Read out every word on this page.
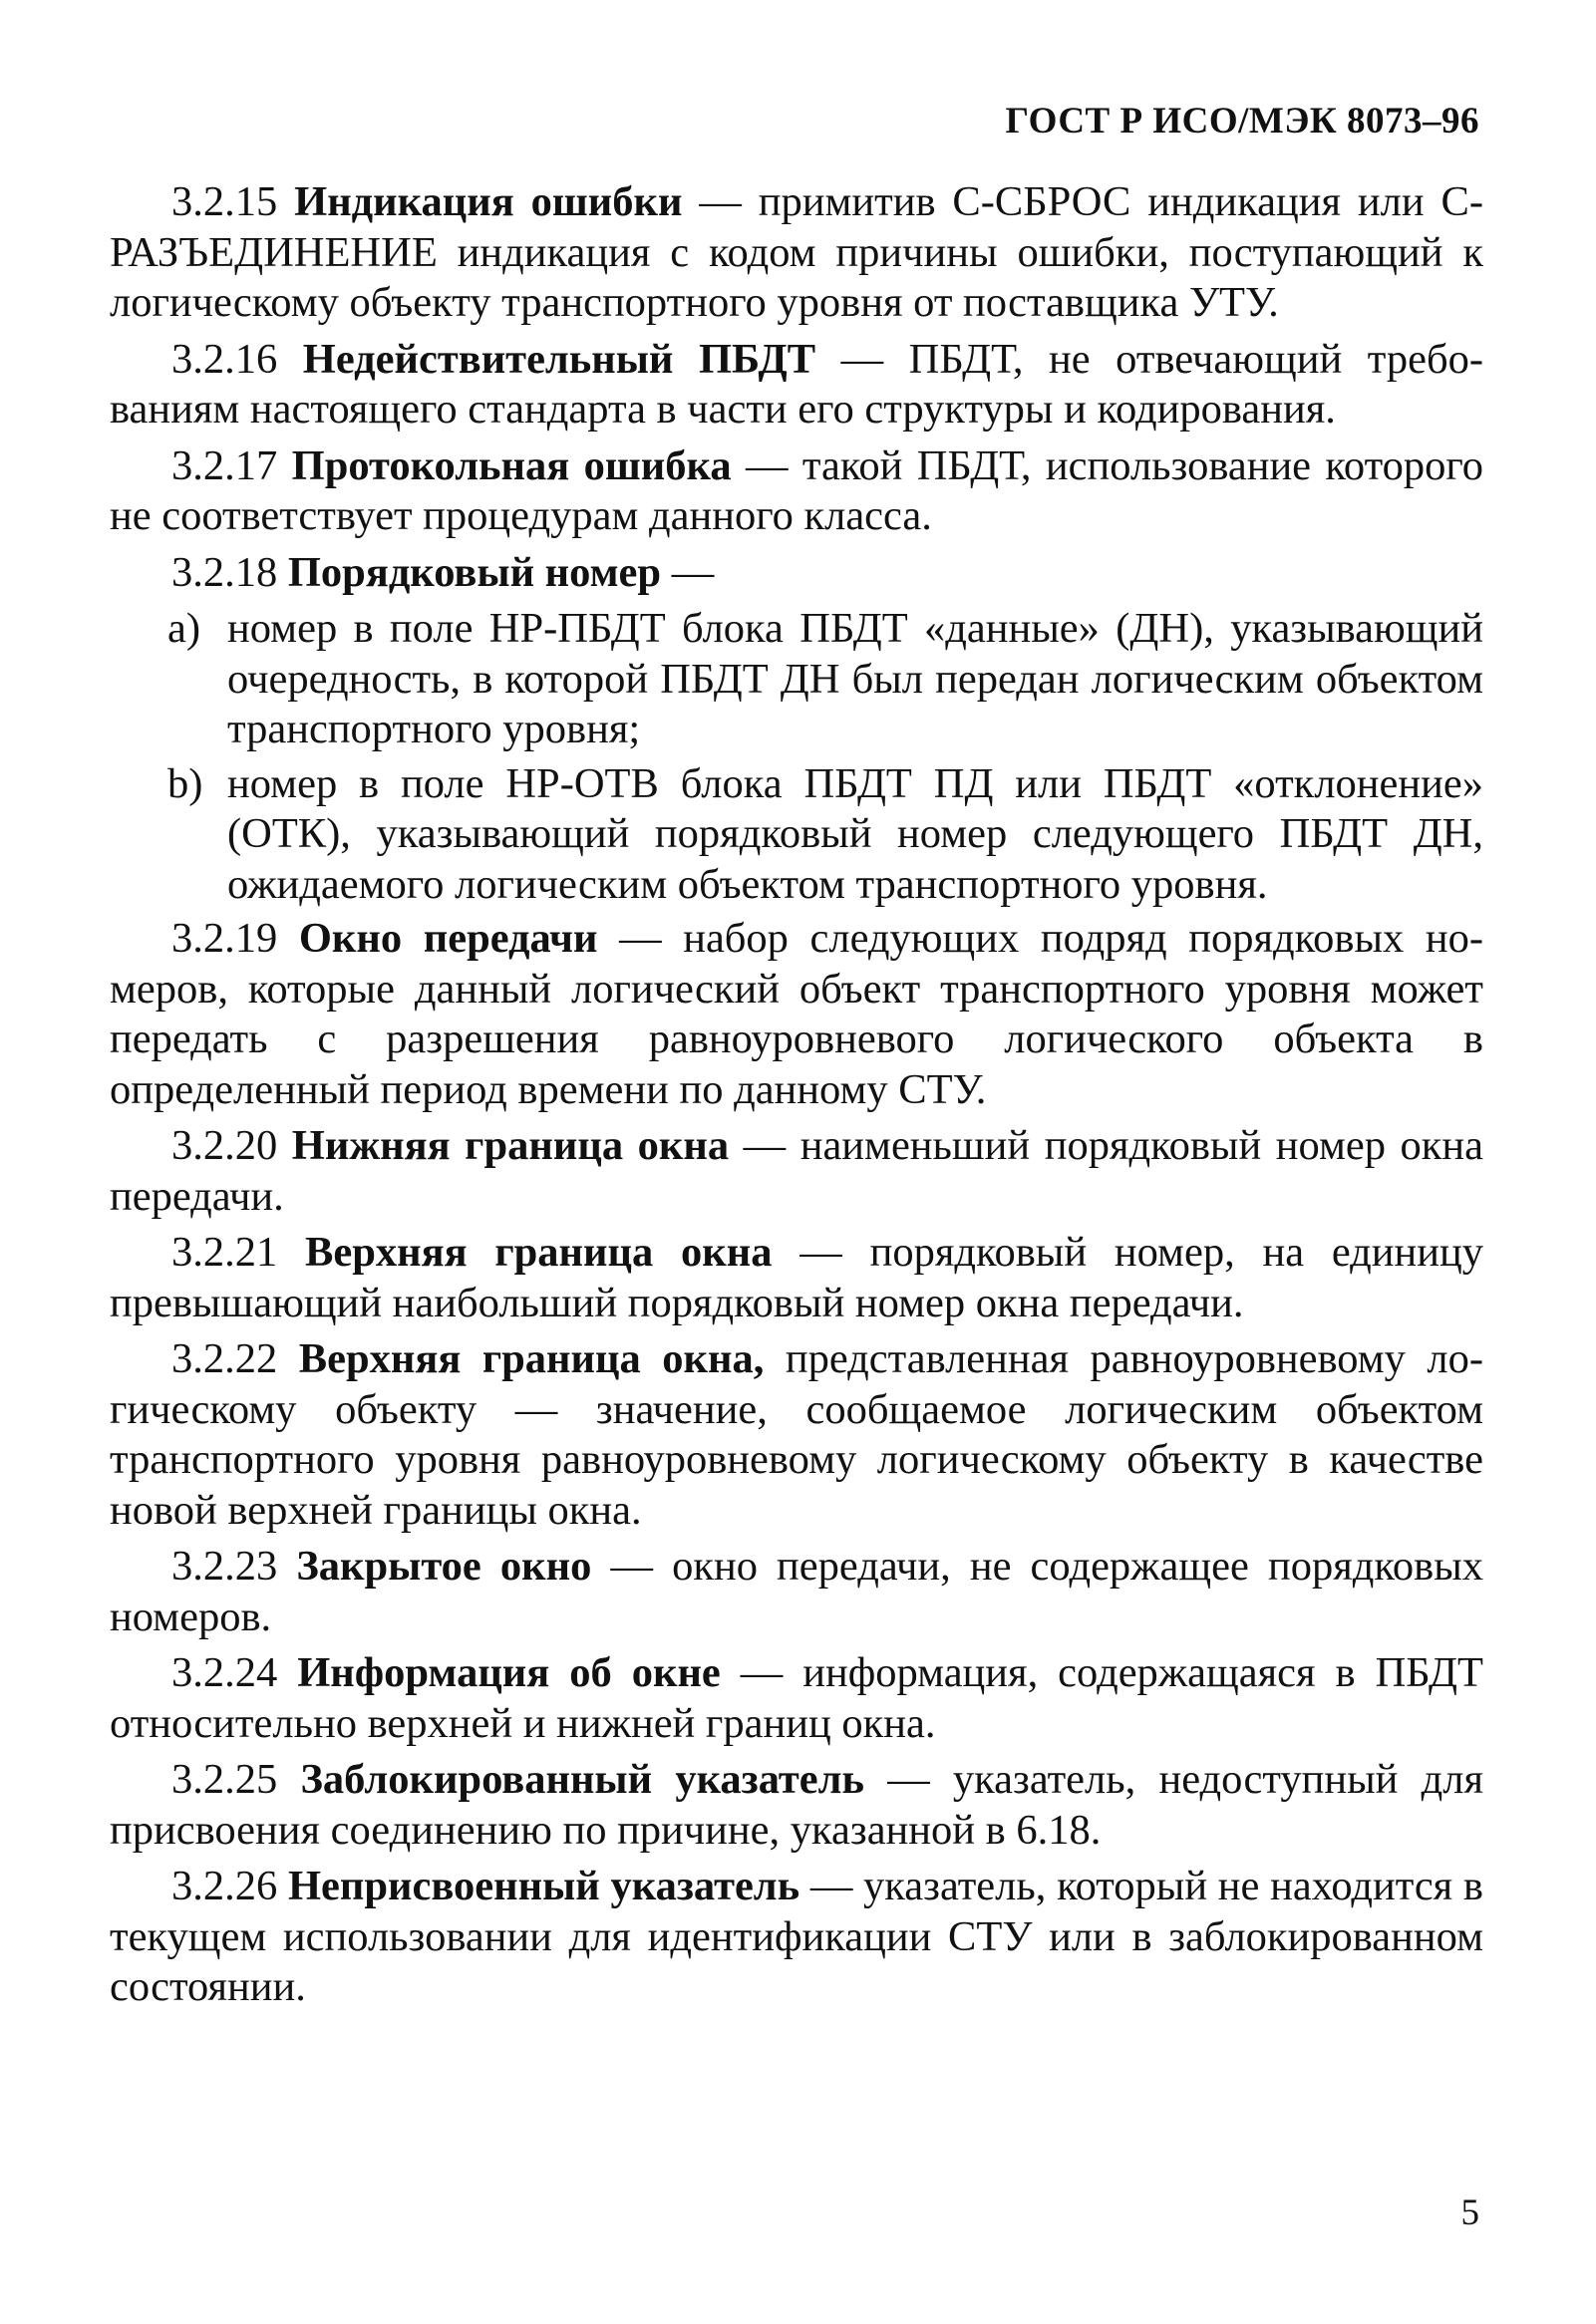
ГОСТ Р ИСО/МЭК 8073–96

3.2.15 Индикация ошибки — примитив С-СБРОС индикация или С-РАЗЪЕДИНЕНИЕ индикация с кодом причины ошибки, поступающий к логическому объекту транспортного уровня от поставщика УТУ.

3.2.16 Недействительный ПБДТ — ПБДТ, не отвечающий требованиям настоящего стандарта в части его структуры и кодирования.

3.2.17 Протокольная ошибка — такой ПБДТ, использование которого не соответствует процедурам данного класса.

3.2.18 Порядковый номер —

a) номер в поле НР-ПБДТ блока ПБДТ «данные» (ДН), указывающий очередность, в которой ПБДТ ДН был передан логическим объектом транспортного уровня;
b) номер в поле НР-ОТВ блока ПБДТ ПД или ПБДТ «отклонение» (ОТК), указывающий порядковый номер следующего ПБДТ ДН, ожидаемого логическим объектом транспортного уровня.

3.2.19 Окно передачи — набор следующих подряд порядковых номеров, которые данный логический объект транспортного уровня может передать с разрешения равноуровневого логического объекта в определенный период времени по данному СТУ.

3.2.20 Нижняя граница окна — наименьший порядковый номер окна передачи.

3.2.21 Верхняя граница окна — порядковый номер, на единицу превышающий наибольший порядковый номер окна передачи.

3.2.22 Верхняя граница окна, представленная равноуровневому логическому объекту — значение, сообщаемое логическим объектом транспортного уровня равноуровневому логическому объекту в качестве новой верхней границы окна.

3.2.23 Закрытое окно — окно передачи, не содержащее порядковых номеров.

3.2.24 Информация об окне — информация, содержащаяся в ПБДТ относительно верхней и нижней границ окна.

3.2.25 Заблокированный указатель — указатель, недоступный для присвоения соединению по причине, указанной в 6.18.

3.2.26 Неприсвоенный указатель — указатель, который не находится в текущем использовании для идентификации СТУ или в заблокированном состоянии.

5
